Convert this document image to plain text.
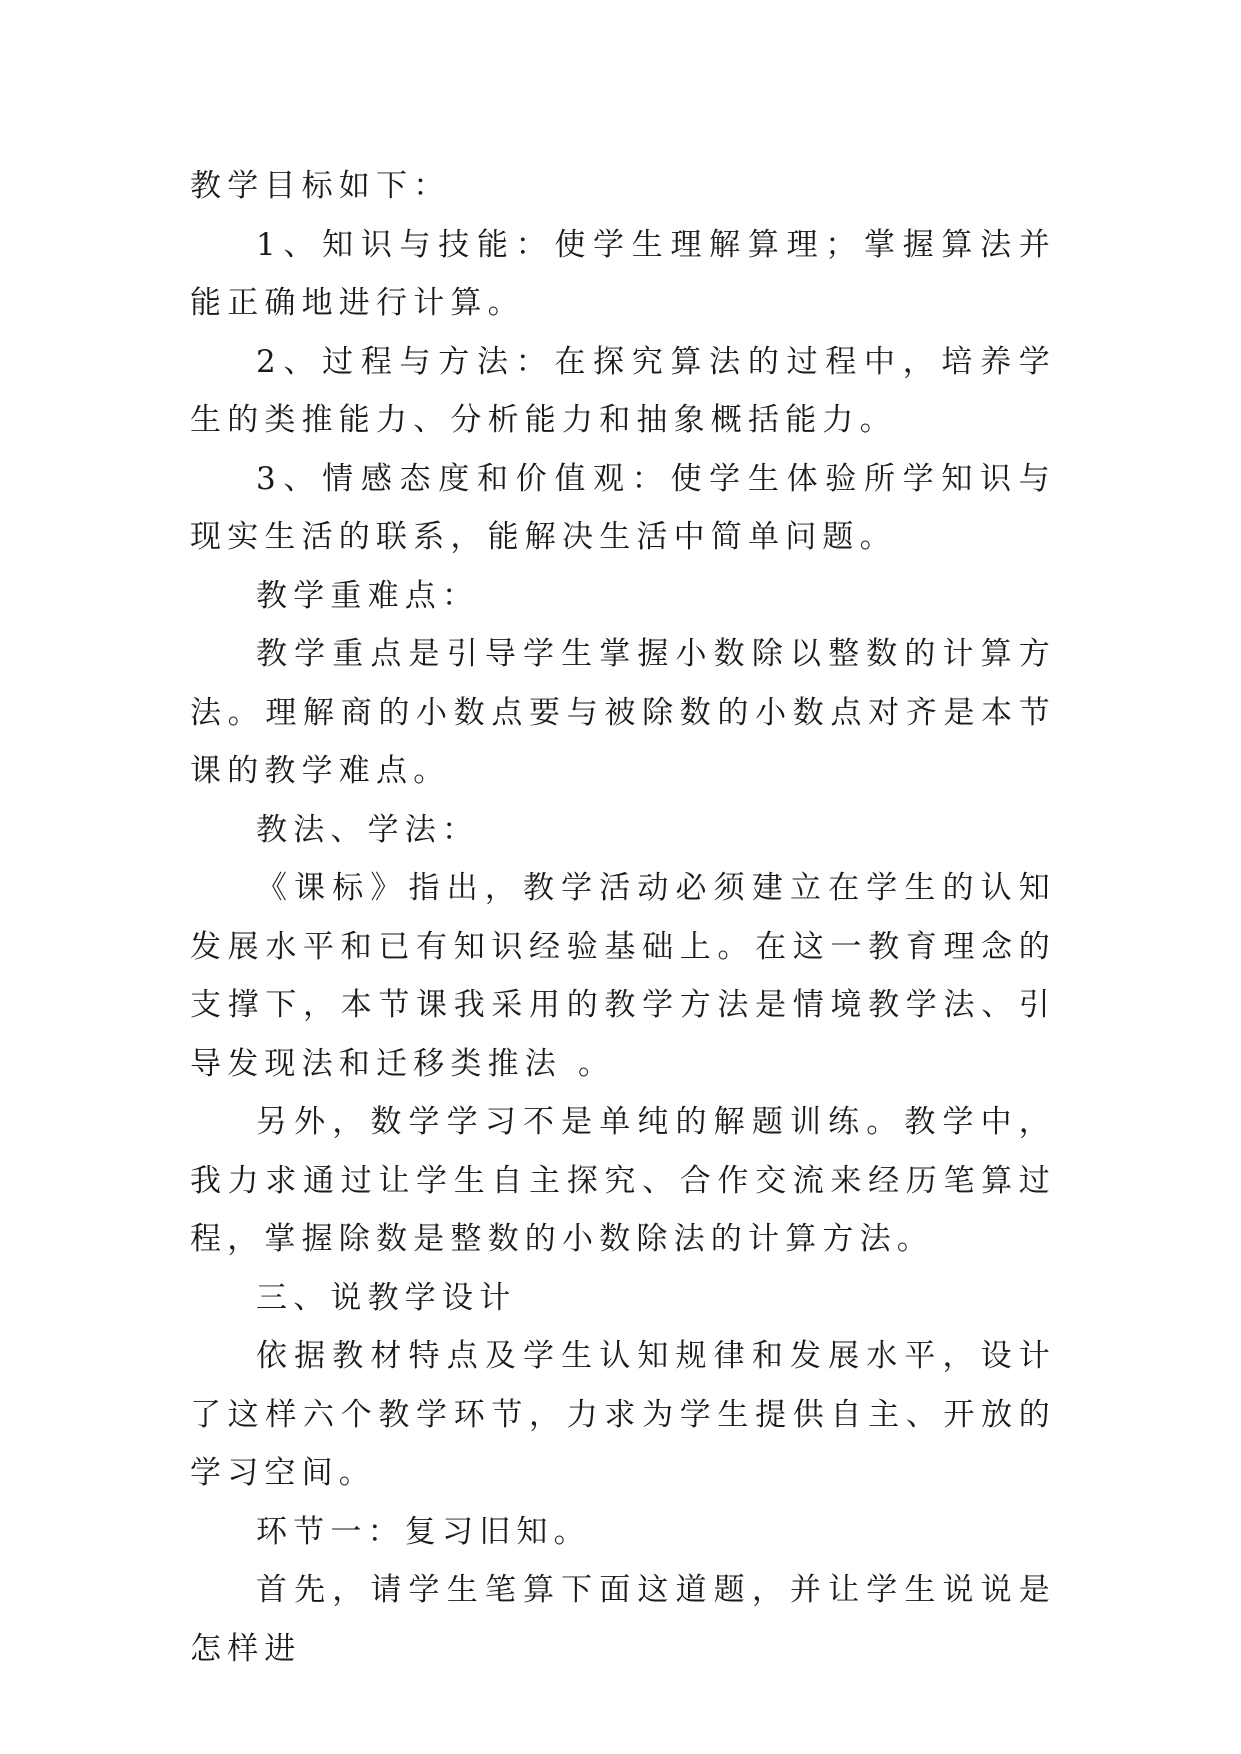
教学目标如下：

1、知识与技能：使学生理解算理；掌握算法并能正确地进行计算。

2、过程与方法：在探究算法的过程中，培养学生的类推能力、分析能力和抽象概括能力。

3、情感态度和价值观：使学生体验所学知识与现实生活的联系，能解决生活中简单问题。

教学重难点：

教学重点是引导学生掌握小数除以整数的计算方法。理解商的小数点要与被除数的小数点对齐是本节课的教学难点。

教法、学法：

《课标》指出，教学活动必须建立在学生的认知发展水平和已有知识经验基础上。在这一教育理念的支撑下，本节课我采用的教学方法是情境教学法、引导发现法和迁移类推法 。

另外，数学学习不是单纯的解题训练。教学中，我力求通过让学生自主探究、合作交流来经历笔算过程，掌握除数是整数的小数除法的计算方法。

三、说教学设计

依据教材特点及学生认知规律和发展水平，设计了这样六个教学环节，力求为学生提供自主、开放的学习空间。

环节一：复习旧知。

首先，请学生笔算下面这道题，并让学生说说是怎样进
